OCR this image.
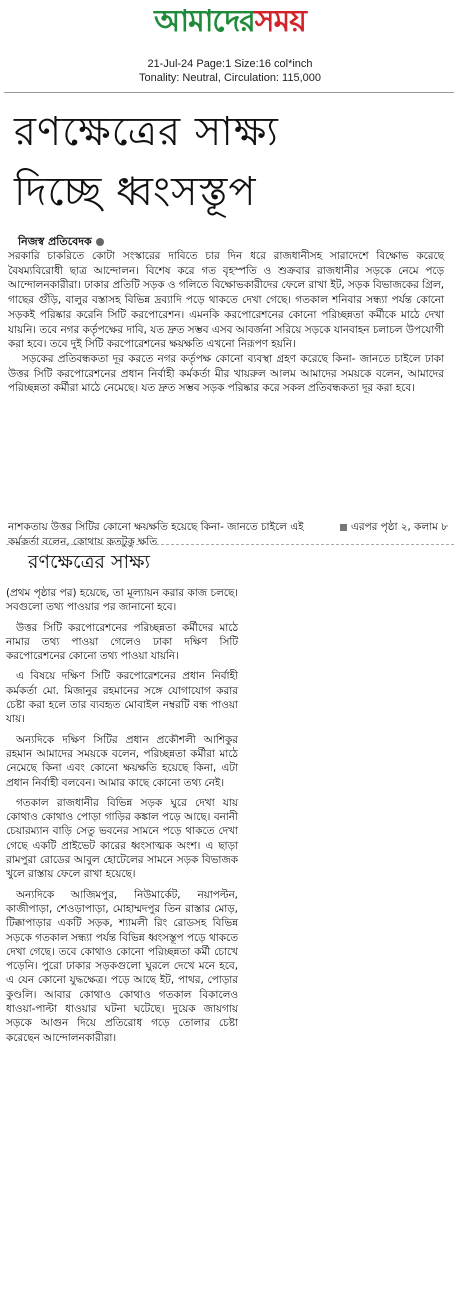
আমাদেরসময়
21-Jul-24 Page:1 Size:16 col*inch
Tonality: Neutral, Circulation: 115,000
রণক্ষেত্রের সাক্ষ্য
দিচ্ছে ধ্বংসস্তূপ
নিজস্ব প্রতিবেদক

সরকারি চাকরিতে কোটা সংস্কারের দাবিতে চার দিন ধরে রাজধানীসহ সারাদেশে বিক্ষোভ করেছে বৈষম্যবিরোধী ছাত্র আন্দোলন। বিশেষ করে গত বৃহস্পতি ও শুক্রবার রাজধানীর সড়কে নেমে পড়ে আন্দোলনকারীরা। ঢাকার প্রতিটি সড়ক ও গলিতে বিক্ষোভকারীদের ফেলে রাখা ইট, সড়ক বিভাজকের গ্রিল, গাছের গুঁড়ি, বালুর বস্তাসহ বিভিন্ন দ্রব্যাদি পড়ে থাকতে দেখা গেছে। গতকাল শনিবার সন্ধ্যা পর্যন্ত কোনো সড়কই পরিষ্কার করেনি সিটি করপোরেশন। এমনকি করপোরেশনের কোনো পরিচ্ছন্নতা কর্মীকে মাঠে দেখা যায়নি। তবে নগর কর্তৃপক্ষের দাবি, যত দ্রুত সম্ভব এসব আবর্জনা সরিয়ে সড়কে যানবাহন চলাচল উপযোগী করা হবে। তবে দুই সিটি করপোরেশনের ক্ষয়ক্ষতি এখনো নিরূপণ হয়নি।

সড়কের প্রতিবন্ধকতা দূর করতে নগর কর্তৃপক্ষ কোনো ব্যবস্থা গ্রহণ করেছে কিনা- জানতে চাইলে ঢাকা উত্তর সিটি করপোরেশনের প্রধান নির্বাহী কর্মকর্তা মীর খায়রুল আলম আমাদের সময়কে বলেন, আমাদের পরিচ্ছন্নতা কর্মীরা মাঠে নেমেছে। যত দ্রুত সম্ভব সড়ক পরিষ্কার করে সকল প্রতিবন্ধকতা দূর করা হবে।

নাশকতায় উত্তর সিটির কোনো ক্ষয়ক্ষতি হয়েছে কিনা- জানতে চাইলে এই কর্মকর্তা বলেন, কোথায় কতটুকু ক্ষতি
এরপর পৃষ্ঠা ২, কলাম ৮
রণক্ষেত্রের সাক্ষ্য

(প্রথম পৃষ্ঠার পর) হয়েছে, তা মূল্যায়ন করার কাজ চলছে। সবগুলো তথ্য পাওয়ার পর জানানো হবে।

উত্তর সিটি করপোরেশনের পরিচ্ছন্নতা কর্মীদের মাঠে নামার তথ্য পাওয়া গেলেও ঢাকা দক্ষিণ সিটি করপোরেশনের কোনো তথ্য পাওয়া যায়নি।

এ বিষয়ে দক্ষিণ সিটি করপোরেশনের প্রধান নির্বাহী কর্মকর্তা মো. মিজানুর রহমানের সঙ্গে যোগাযোগ করার চেষ্টা করা হলে তার ব্যবহৃত মোবাইল নম্বরটি বন্ধ পাওয়া যায়।

অন্যদিকে দক্ষিণ সিটির প্রধান প্রকৌশলী আশিকুর রহমান আমাদের সময়কে বলেন, পরিচ্ছন্নতা কর্মীরা মাঠে নেমেছে কিনা এবং কোনো ক্ষয়ক্ষতি হয়েছে কিনা, এটা প্রধান নির্বাহী বলবেন। আমার কাছে কোনো তথ্য নেই।

গতকাল রাজধানীর বিভিন্ন সড়ক ঘুরে দেখা যায় কোথাও কোথাও পোড়া গাড়ির কঙ্কাল পড়ে আছে। বনানী চেয়ারম্যান বাড়ি সেতু ভবনের সামনে পড়ে থাকতে দেখা গেছে একটি প্রাইভেট কারের ধ্বংসাত্মক অংশ। এ ছাড়া রামপুরা রোডের আবুল হোটেলের সামনে সড়ক বিভাজক খুলে রাস্তায় ফেলে রাখা হয়েছে।

অন্যদিকে আজিমপুর, নিউমার্কেট, নয়াপল্টন, কাজীপাড়া, শেওড়াপাড়া, মোহাম্মদপুর তিন রাস্তার মোড়, টিক্কাপাড়ার একটি সড়ক, শ্যামলী রিং রোডসহ বিভিন্ন সড়কে গতকাল সন্ধ্যা পর্যন্ত বিভিন্ন ধ্বংসস্তূপ পড়ে থাকতে দেখা গেছে। তবে কোথাও কোনো পরিচ্ছন্নতা কর্মী চোখে পড়েনি। পুরো ঢাকার সড়কগুলো ঘুরলে দেখে মনে হবে, এ যেন কোনো যুদ্ধক্ষেত্র। পড়ে আছে ইট, পাথর, পোড়ার কুণ্ডলি। আবার কোথাও কোথাও গতকাল বিকালেও ধাওয়া-পাল্টা ধাওয়ার ঘটনা ঘটেছে। দুয়েক জায়গায় সড়কে আগুন দিয়ে প্রতিরোধ গড়ে তোলার চেষ্টা করেছেন আন্দোলনকারীরা।
